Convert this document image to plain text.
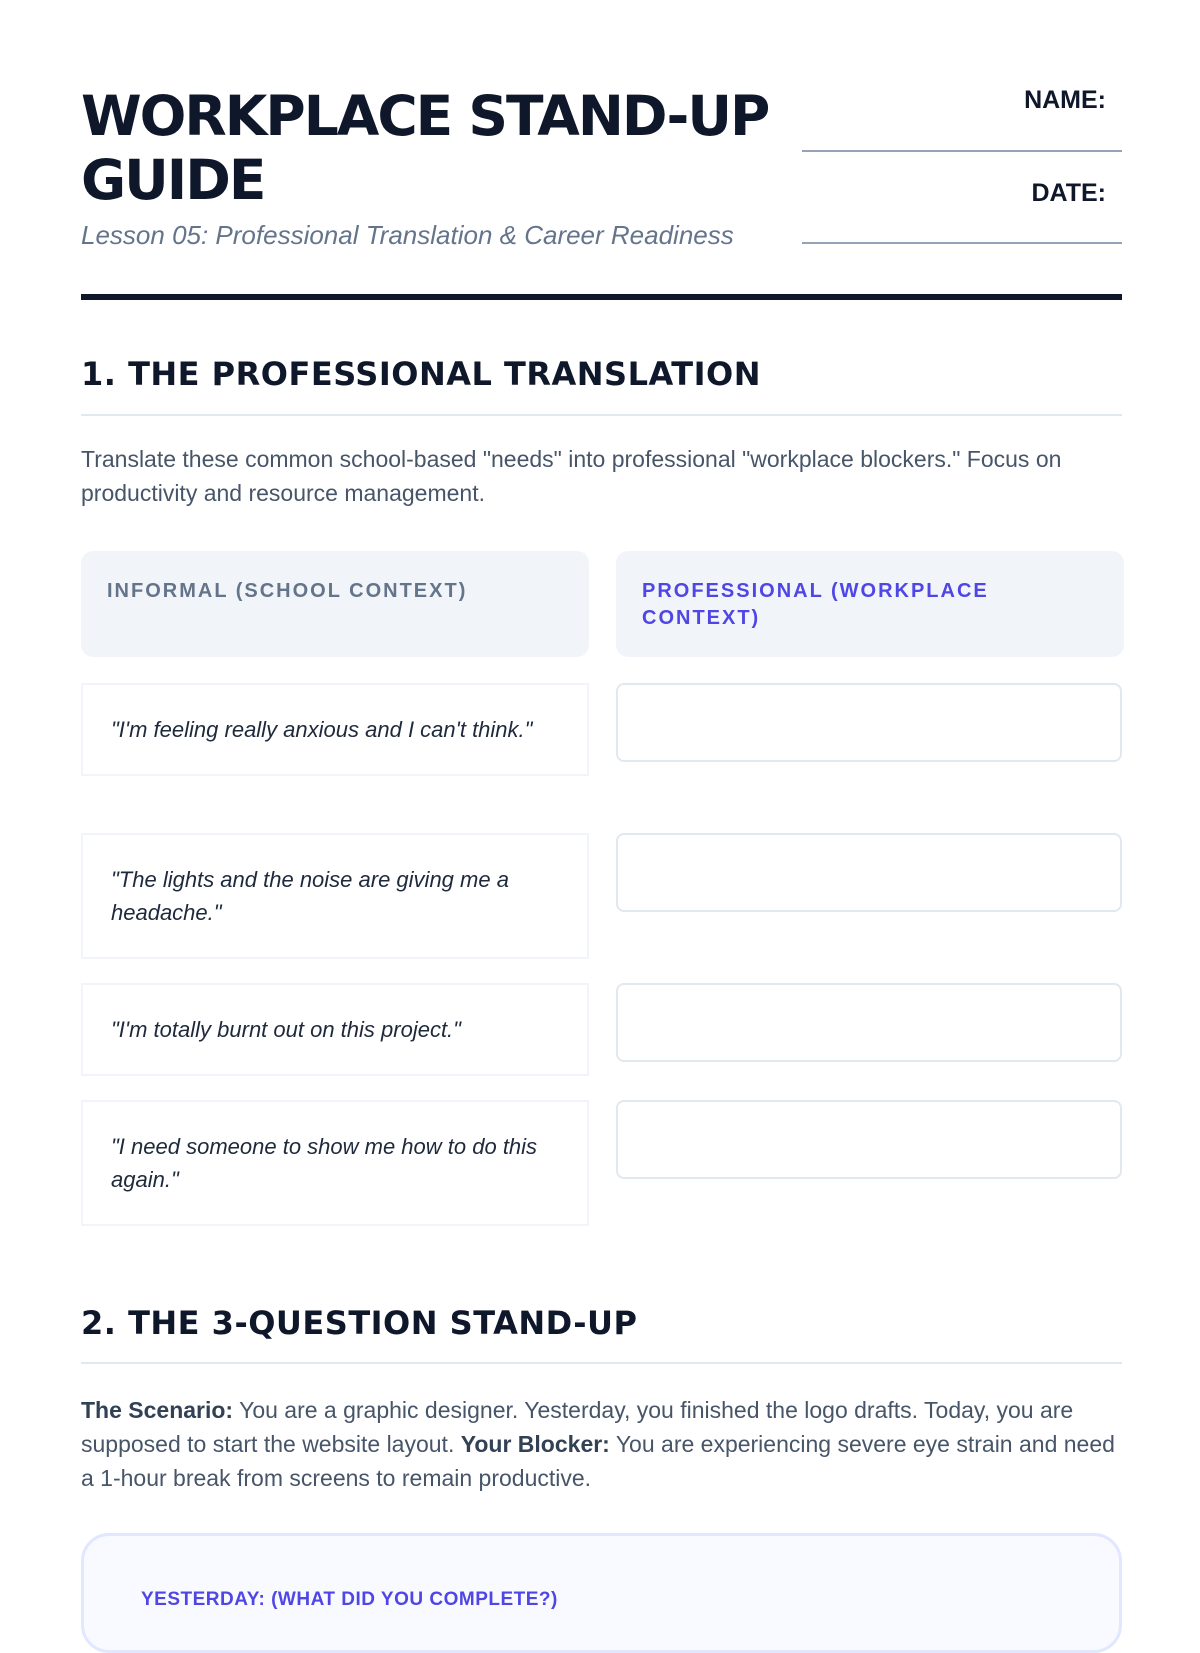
WORKPLACE STAND-UP GUIDE

Lesson 05: Professional Translation & Career Readiness

NAME:
DATE:
1. THE PROFESSIONAL TRANSLATION

Translate these common school-based "needs" into professional "workplace blockers." Focus on productivity and resource management.

INFORMAL (SCHOOL CONTEXT)	PROFESSIONAL (WORKPLACE CONTEXT)
"I'm feeling really anxious and I can't think."
"The lights and the noise are giving me a headache."
"I'm totally burnt out on this project."
"I need someone to show me how to do this again."
2. THE 3-QUESTION STAND-UP

The Scenario: You are a graphic designer. Yesterday, you finished the logo drafts. Today, you are supposed to start the website layout. Your Blocker: You are experiencing severe eye strain and need a 1-hour break from screens to remain productive.

YESTERDAY: (WHAT DID YOU COMPLETE?)
